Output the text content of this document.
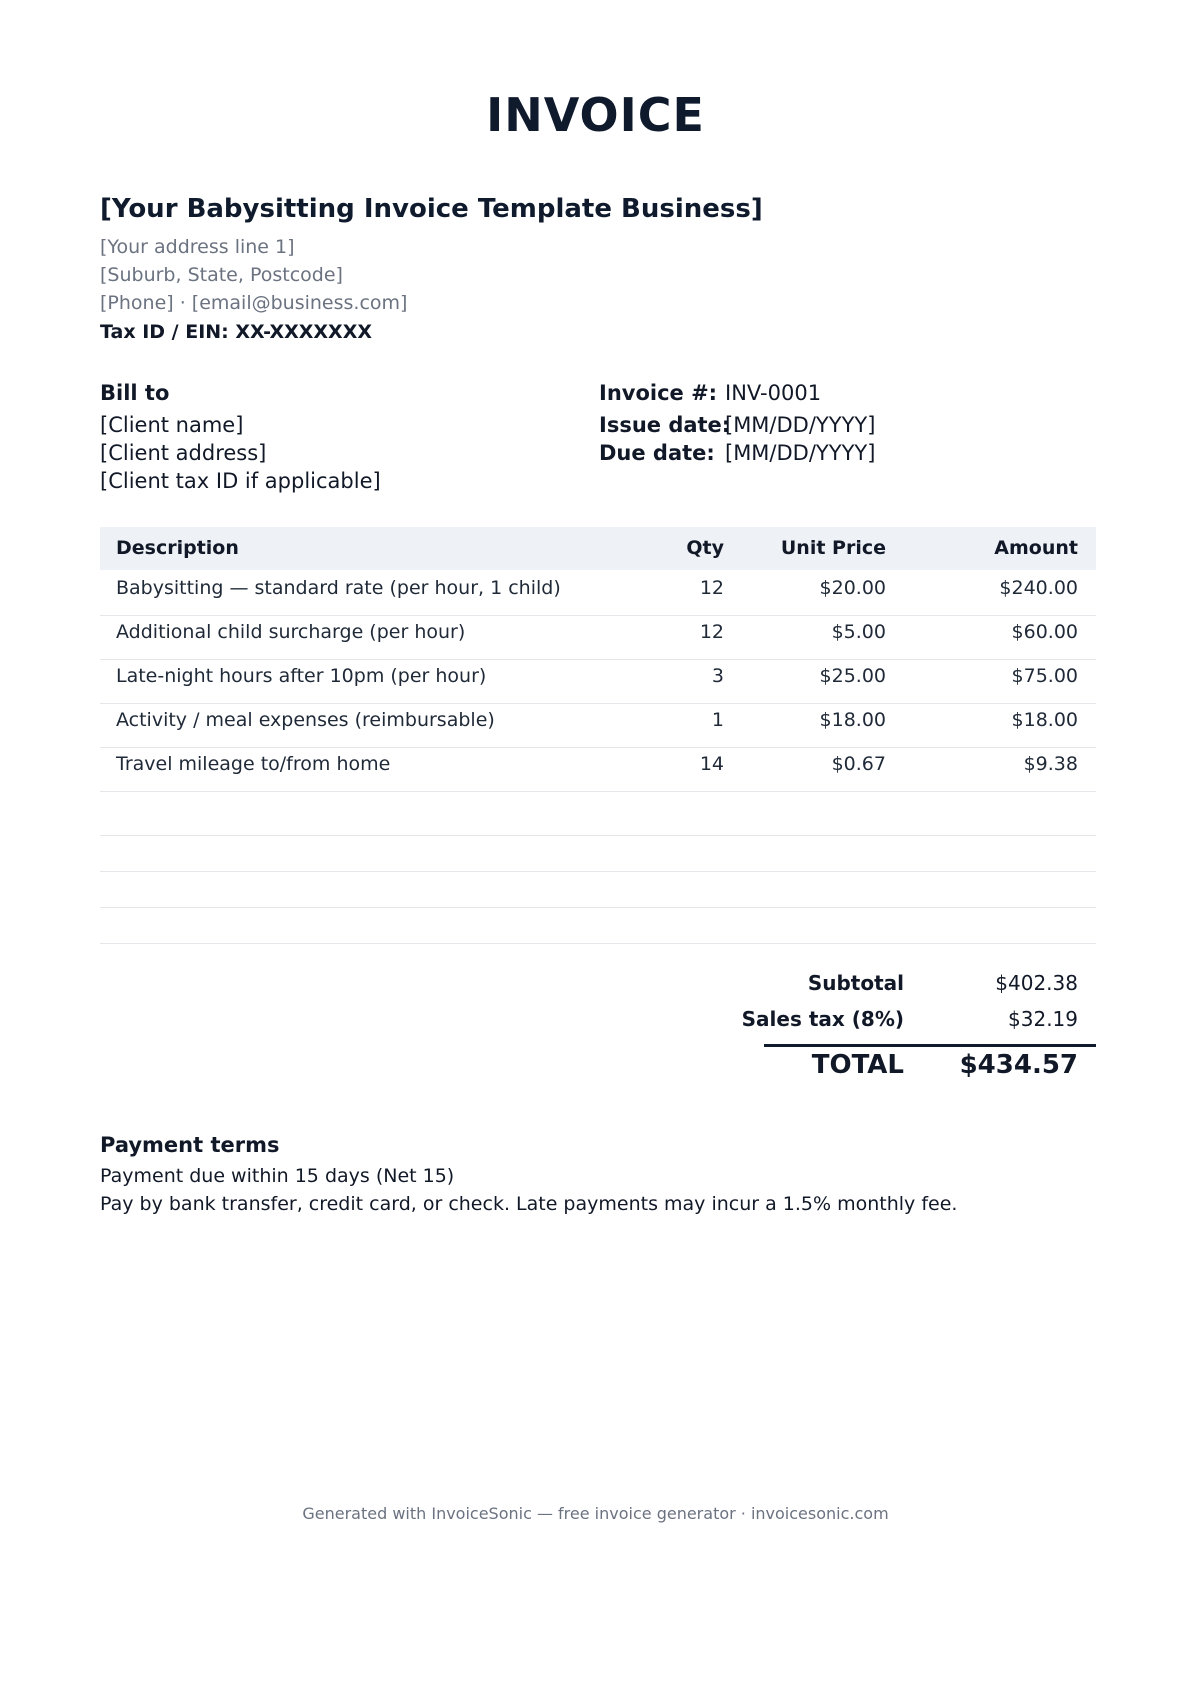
INVOICE
[Your Babysitting Invoice Template Business]
[Your address line 1]
[Suburb, State, Postcode]
[Phone] · [email@business.com]
Tax ID / EIN: XX-XXXXXXX
Bill to
[Client name]
[Client address]
[Client tax ID if applicable]
Invoice #: INV-0001
Issue date:
[MM/DD/YYYY]
Due date: [MM/DD/YYYY]
Description	Qty	Unit Price	Amount
Babysitting — standard rate (per hour, 1 child)	12	$20.00	$240.00
Additional child surcharge (per hour)	12	$5.00	$60.00
Late-night hours after 10pm (per hour)	3	$25.00	$75.00
Activity / meal expenses (reimbursable)	1	$18.00	$18.00
Travel mileage to/from home	14	$0.67	$9.38
Subtotal	$402.38
Sales tax (8%)	$32.19
TOTAL	$434.57
Payment terms
Payment due within 15 days (Net 15)
Pay by bank transfer, credit card, or check. Late payments may incur a 1.5% monthly fee.
Generated with InvoiceSonic — free invoice generator · invoicesonic.com
